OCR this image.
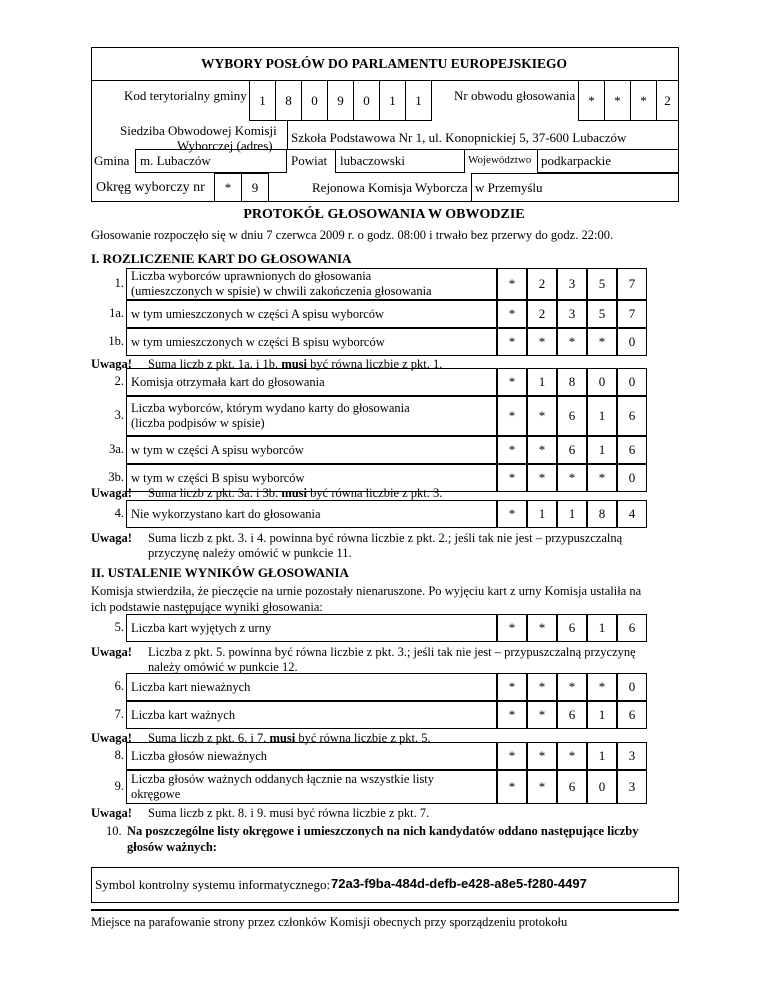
WYBORY POSŁÓW DO PARLAMENTU EUROPEJSKIEGO
Kod terytorialny gminy 1	8	0	9	0	1	1	Nr obwodu głosowania *	*	*	2
Siedziba Obwodowej Komisji
Wyborczej (adres)
Szkoła Podstawowa Nr 1, ul. Konopnickiej 5, 37-600 Lubaczów
Gmina m. Lubaczów	Powiat lubaczowski	Województwo podkarpackie
Okręg wyborczy nr	*	9	Rejonowa Komisja Wyborcza w Przemyślu
PROTOKÓŁ GŁOSOWANIA W OBWODZIE
Głosowanie rozpoczęło się w dniu 7 czerwca 2009 r. o godz. 08:00 i trwało bez przerwy do godz. 22:00.
I. ROZLICZENIE KART DO GŁOSOWANIA
1. Liczba wyborców uprawnionych do głosowania
(umieszczonych w spisie) w chwili zakończenia głosowania	*	2	3	5	7
1a. w tym umieszczonych w części A spisu wyborców	*	2	3	5	7
1b. w tym umieszczonych w części B spisu wyborców	*	*	*	*	0
2. Komisja otrzymała kart do głosowania	*	1	8	0	0
3. Liczba wyborców, którym wydano karty do głosowania
(liczba podpisów w spisie)	*	*	6	1	6
3a. w tym w części A spisu wyborców	*	*	6	1	6
3b. w tym w części B spisu wyborców	*	*	*	*	0
4. Nie wykorzystano kart do głosowania	*	1	1	8	4
Uwaga! Suma liczb z pkt. 1a. i 1b. musi być równa liczbie z pkt. 1.
Uwaga! Suma liczb z pkt. 3a. i 3b. musi być równa liczbie z pkt. 3.
Uwaga! Suma liczb z pkt. 3. i 4. powinna być równa liczbie z pkt. 2.; jeśli tak nie jest – przypuszczalną
przyczynę należy omówić w punkcie 11.
II. USTALENIE WYNIKÓW GŁOSOWANIA
Komisja stwierdziła, że pieczęcie na urnie pozostały nienaruszone. Po wyjęciu kart z urny Komisja ustaliła na
ich podstawie następujące wyniki głosowania:
5. Liczba kart wyjętych z urny	*	*	6	1	6
6. Liczba kart nieważnych	*	*	*	*	0
7. Liczba kart ważnych	*	*	6	1	6
8. Liczba głosów nieważnych	*	*	*	1	3
9. Liczba głosów ważnych oddanych łącznie na wszystkie listy
okręgowe	*	*	6	0	3
Uwaga! Liczba z pkt. 5. powinna być równa liczbie z pkt. 3.; jeśli tak nie jest – przypuszczalną przyczynę
należy omówić w punkcie 12.
Uwaga! Suma liczb z pkt. 6. i 7. musi być równa liczbie z pkt. 5.
Uwaga! Suma liczb z pkt. 8. i 9. musi być równa liczbie z pkt. 7.
10. Na poszczególne listy okręgowe i umieszczonych na nich kandydatów oddano następujące liczby
głosów ważnych:
Symbol kontrolny systemu informatycznego: 72a3-f9ba-484d-defb-e428-a8e5-f280-4497
Miejsce na parafowanie strony przez członków Komisji obecnych przy sporządzeniu protokołu
